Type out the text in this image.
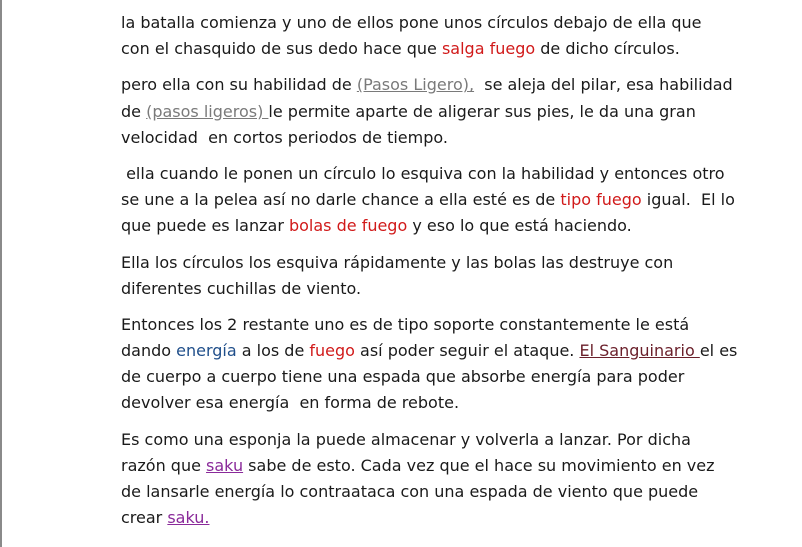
la batalla comienza y uno de ellos pone unos círculos debajo de ella que
con el chasquido de sus dedo hace que salga fuego de dicho círculos.
pero ella con su habilidad de (Pasos Ligero),  se aleja del pilar, esa habilidad
de (pasos ligeros) le permite aparte de aligerar sus pies, le da una gran
velocidad  en cortos periodos de tiempo.
ella cuando le ponen un círculo lo esquiva con la habilidad y entonces otro
se une a la pelea así no darle chance a ella esté es de tipo fuego igual.  El lo
que puede es lanzar bolas de fuego y eso lo que está haciendo.
Ella los círculos los esquiva rápidamente y las bolas las destruye con
diferentes cuchillas de viento.
Entonces los 2 restante uno es de tipo soporte constantemente le está
dando energía a los de fuego así poder seguir el ataque. El Sanguinario el es
de cuerpo a cuerpo tiene una espada que absorbe energía para poder
devolver esa energía  en forma de rebote.
Es como una esponja la puede almacenar y volverla a lanzar. Por dicha
razón que saku sabe de esto. Cada vez que el hace su movimiento en vez
de lansarle energía lo contraataca con una espada de viento que puede
crear saku.
